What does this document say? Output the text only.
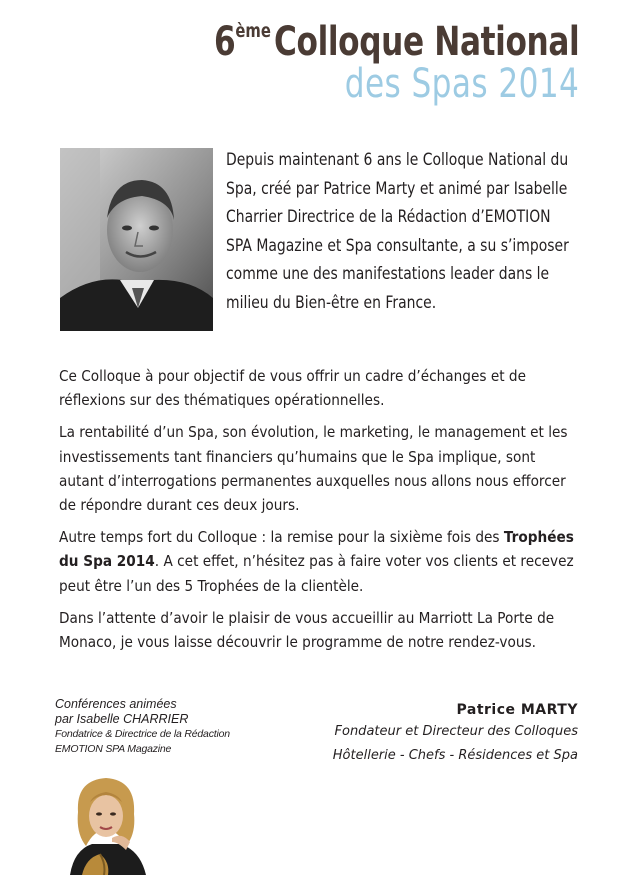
6èmeColloque National
des Spas 2014
Depuis maintenant 6 ans le Colloque National du Spa, créé par Patrice Marty et animé par Isabelle Charrier Directrice de la Rédaction d’EMOTION SPA Magazine et Spa consultante, a su s’imposer comme une des manifestations leader dans le milieu du Bien-être en France.

Ce Colloque à pour objectif de vous offrir un cadre d’échanges et de réflexions sur des thématiques opérationnelles.

La rentabilité d’un Spa, son évolution, le marketing, le management et les investissements tant financiers qu’humains que le Spa implique, sont autant d’interrogations permanentes auxquelles nous allons nous efforcer de répondre durant ces deux jours.

Autre temps fort du Colloque : la remise pour la sixième fois des Trophées du Spa 2014. A cet effet, n’hésitez pas à faire voter vos clients et recevez peut être l’un des 5 Trophées de la clientèle.

Dans l’attente d’avoir le plaisir de vous accueillir au Marriott La Porte de Monaco, je vous laisse découvrir le programme de notre rendez-vous.

Conférences animées
par Isabelle CHARRIER
Fondatrice & Directrice de la Rédaction
EMOTION SPA Magazine
Patrice MARTY
Fondateur et Directeur des Colloques
Hôtellerie - Chefs - Résidences et Spa
